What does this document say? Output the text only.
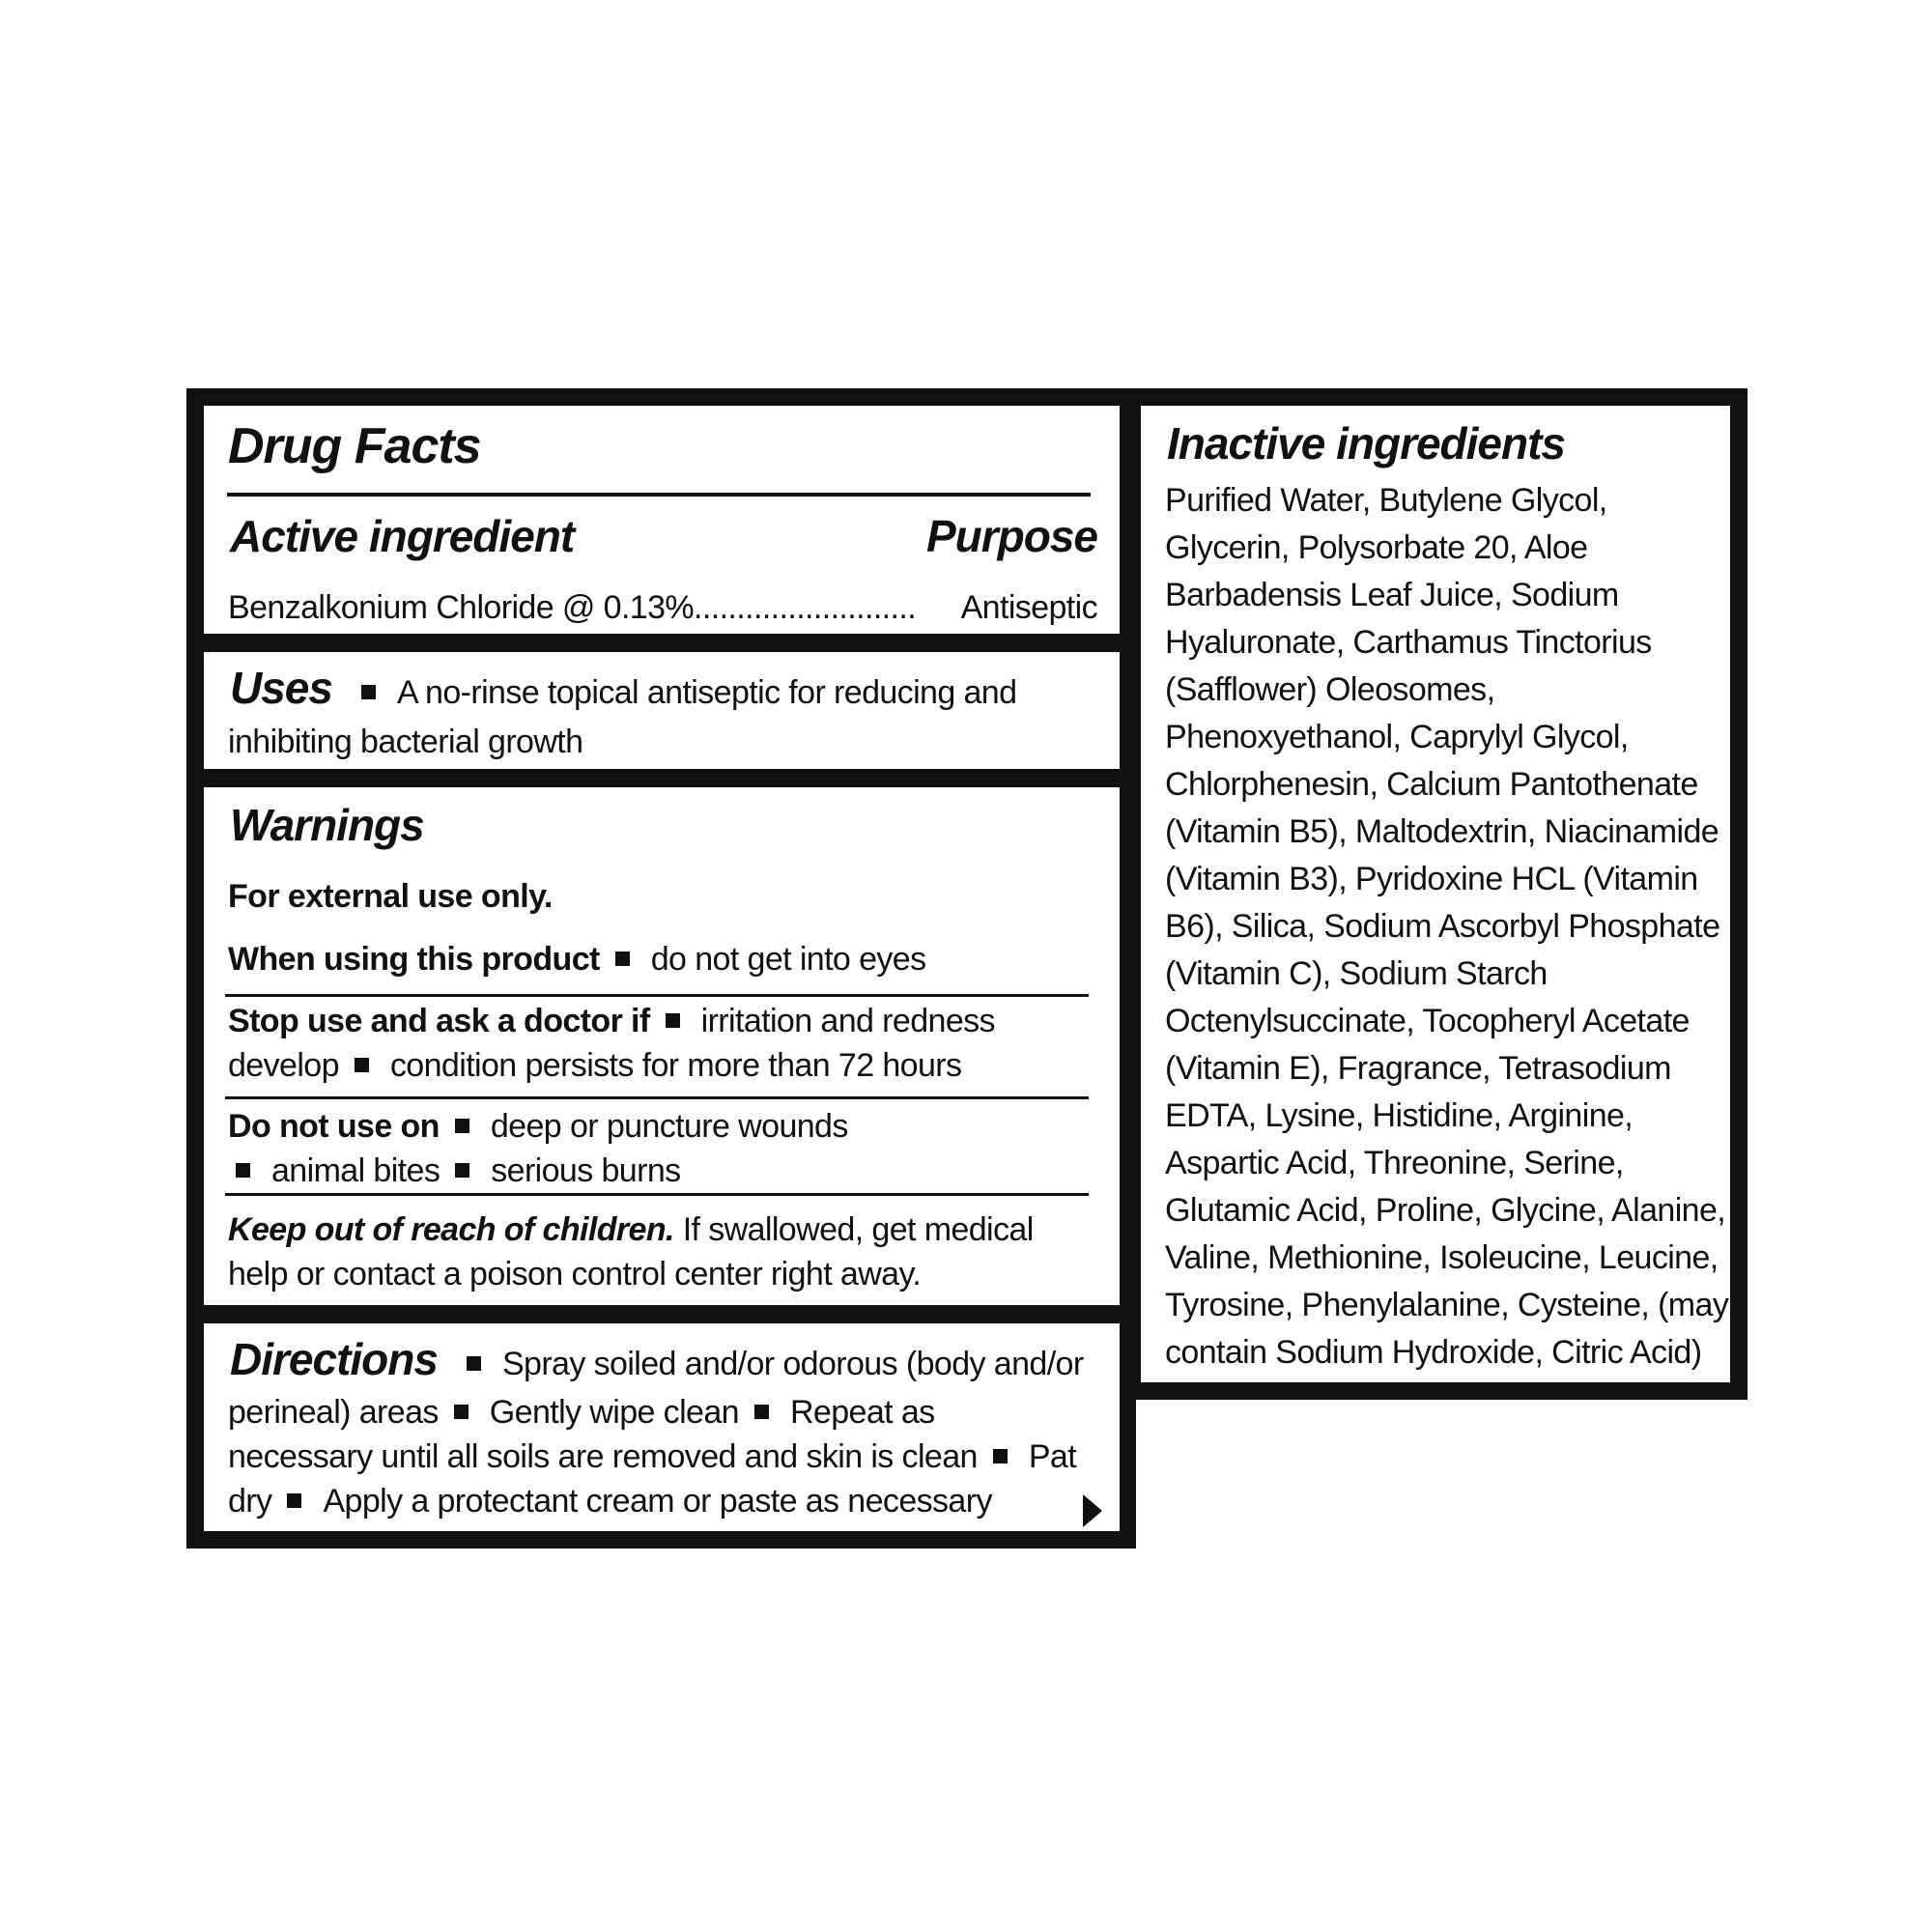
Drug Facts
Active ingredient	Purpose
Benzalkonium Chloride @ 0.13% .......................... Antiseptic
Uses A no-rinse topical antiseptic for reducing and
inhibiting bacterial growth
Warnings
For external use only.
When using this product do not get into eyes
Stop use and ask a doctor if irritation and redness
develop condition persists for more than 72 hours
Do not use on deep or puncture wounds
animal bites serious burns
Keep out of reach of children. If swallowed, get medical
help or contact a poison control center right away.
Directions Spray soiled and/or odorous (body and/or
perineal) areas Gently wipe clean Repeat as
necessary until all soils are removed and skin is clean Pat
dry Apply a protectant cream or paste as necessary
Inactive ingredients
Purified Water, Butylene Glycol,
Glycerin, Polysorbate 20, Aloe
Barbadensis Leaf Juice, Sodium
Hyaluronate, Carthamus Tinctorius
(Safflower) Oleosomes,
Phenoxyethanol, Caprylyl Glycol,
Chlorphenesin, Calcium Pantothenate
(Vitamin B5), Maltodextrin, Niacinamide
(Vitamin B3), Pyridoxine HCL (Vitamin
B6), Silica, Sodium Ascorbyl Phosphate
(Vitamin C), Sodium Starch
Octenylsuccinate, Tocopheryl Acetate
(Vitamin E), Fragrance, Tetrasodium
EDTA, Lysine, Histidine, Arginine,
Aspartic Acid, Threonine, Serine,
Glutamic Acid, Proline, Glycine, Alanine,
Valine, Methionine, Isoleucine, Leucine,
Tyrosine, Phenylalanine, Cysteine, (may
contain Sodium Hydroxide, Citric Acid)
